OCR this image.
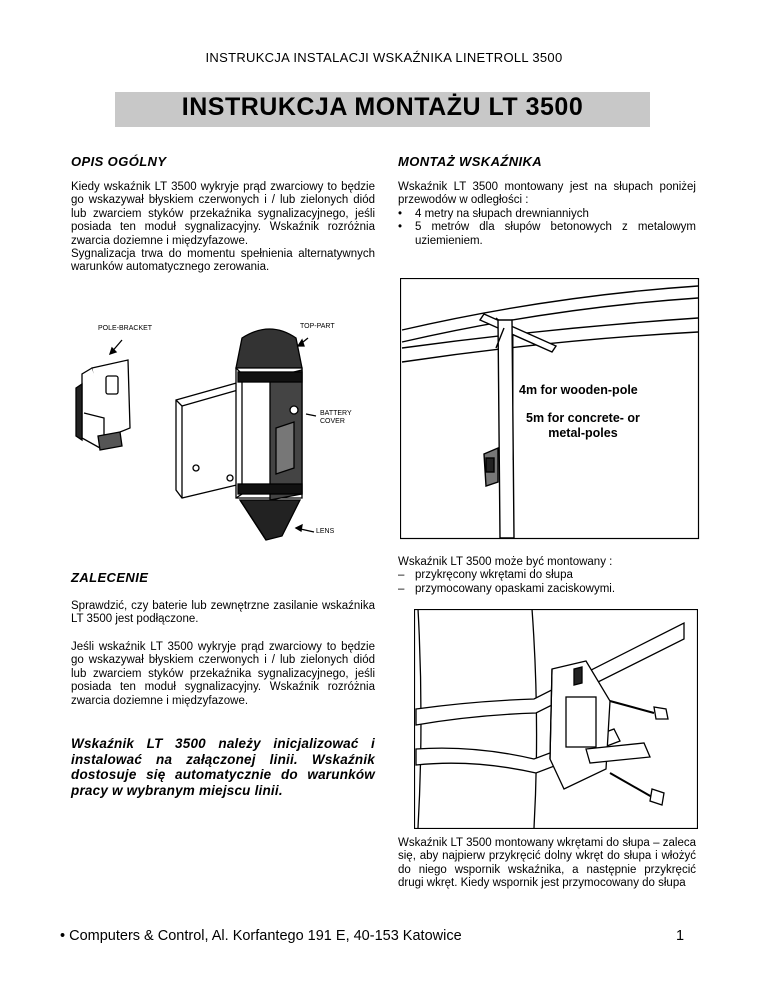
INSTRUKCJA INSTALACJI WSKAŹNIKA LINETROLL 3500
INSTRUKCJA MONTAŻU LT 3500
OPIS OGÓLNY

Kiedy wskaźnik LT 3500 wykryje prąd zwarciowy to będzie go wskazywał błyskiem czerwonych i / lub zielonych diód lub zwarciem styków przekaźnika sygnalizacyjnego, jeśli posiada ten moduł sygnalizacyjny. Wskaźnik rozróżnia zwarcia doziemne i międzyfazowe.

Sygnalizacja trwa do momentu spełnienia alternatywnych warunków automatycznego zerowania.

POLE-BRACKET	TOP-PART
BATTERY COVER
LENS
ZALECENIE
Sprawdzić, czy baterie lub zewnętrzne zasilanie wskaźnika LT 3500 jest podłączone.
Jeśli wskaźnik LT 3500 wykryje prąd zwarciowy to będzie go wskazywał błyskiem czerwonych i / lub zielonych diód lub zwarciem styków przekaźnika sygnalizacyjnego, jeśli posiada ten moduł sygnalizacyjny. Wskaźnik rozróżnia zwarcia doziemne i międzyfazowe.
Wskaźnik LT 3500 należy inicjalizować i instalować na załączonej linii. Wskaźnik dostosuje się automatycznie do warunków pracy w wybranym miejscu linii.
MONTAŻ WSKAŹNIKA

Wskaźnik LT 3500 montowany jest na słupach poniżej przewodów w odległości :

• 4 metry na słupach drewnianniych
• 5 metrów dla słupów betonowych z metalowym uziemieniem.
4m for wooden-pole
5m for concrete- or
metal-poles

Wskaźnik LT 3500 może być montowany :

– przykręcony wkrętami do słupa
– przymocowany opaskami zaciskowymi.
Wskaźnik LT 3500 montowany wkrętami do słupa – zaleca się, aby najpierw przykręcić dolny wkręt do słupa i włożyć do niego wspornik wskaźnika, a następnie przykręcić drugi wkręt. Kiedy wspornik jest przymocowany do słupa
• Computers & Control, Al. Korfantego 191 E, 40-153 Katowice	1
